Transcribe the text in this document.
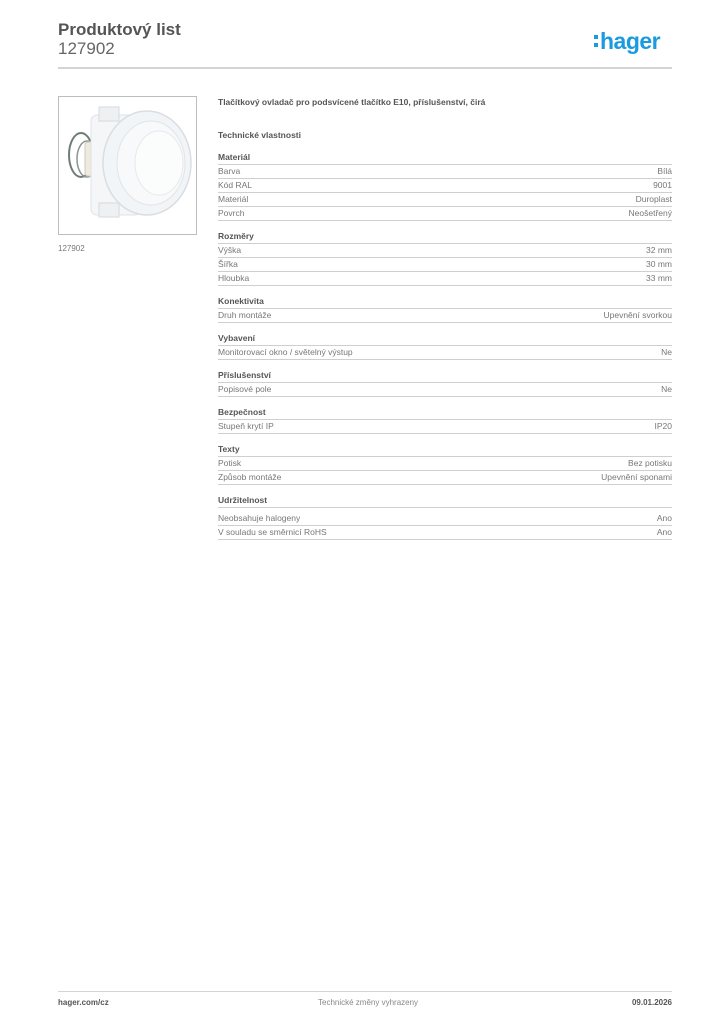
Produktový list
127902	hager
127902
Tlačítkový ovladač pro podsvícené tlačítko E10, příslušenství, čirá
Technické vlastnosti
Materiál
Barva	Bílá
Kód RAL	9001
Materiál	Duroplast
Povrch	Neošetřený
Rozměry
Výška	32 mm
Šířka	30 mm
Hloubka	33 mm
Konektivita
Druh montáže	Upevnění svorkou
Vybavení
Monitorovací okno / světelný výstup	Ne
Příslušenství
Popisové pole	Ne
Bezpečnost
Stupeň krytí IP	IP20
Texty
Potisk	Bez potisku
Způsob montáže	Upevnění sponami
Udržitelnost
Neobsahuje halogeny	Ano
V souladu se směrnicí RoHS	Ano
hager.com/cz	Technické změny vyhrazeny	09.01.2026
